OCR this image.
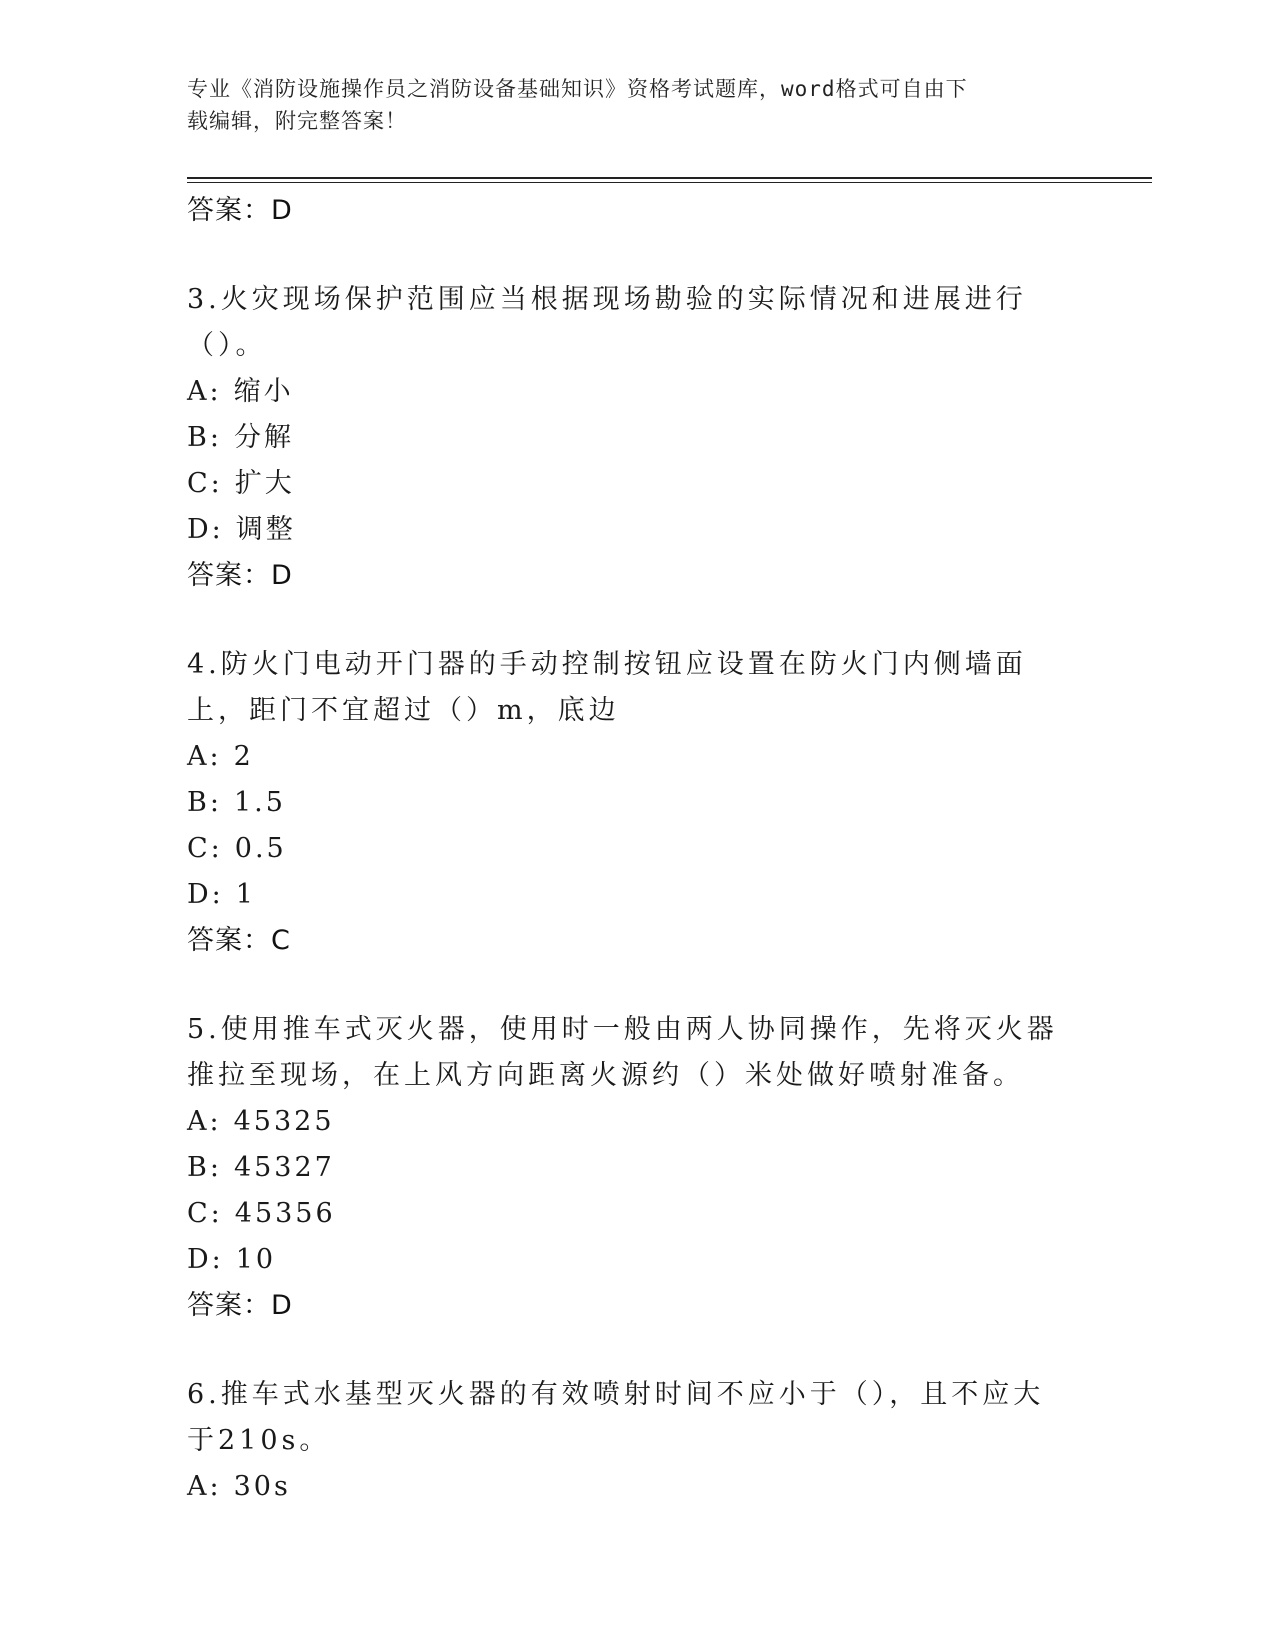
专业《消防设施操作员之消防设备基础知识》资格考试题库，word格式可自由下
载编辑，附完整答案！
答案：D
3.火灾现场保护范围应当根据现场勘验的实际情况和进展进行（）。
A: 缩小
B: 分解
C: 扩大
D: 调整
答案：D
4.防火门电动开门器的手动控制按钮应设置在防火门内侧墙面上，距门不宜超过（）m，底边
A: 2
B: 1.5
C: 0.5
D: 1
答案：C
5.使用推车式灭火器，使用时一般由两人协同操作，先将灭火器推拉至现场，在上风方向距离火源约（）米处做好喷射准备。
A: 45325
B: 45327
C: 45356
D: 10
答案：D
6.推车式水基型灭火器的有效喷射时间不应小于（），且不应大于210s。
A: 30s
